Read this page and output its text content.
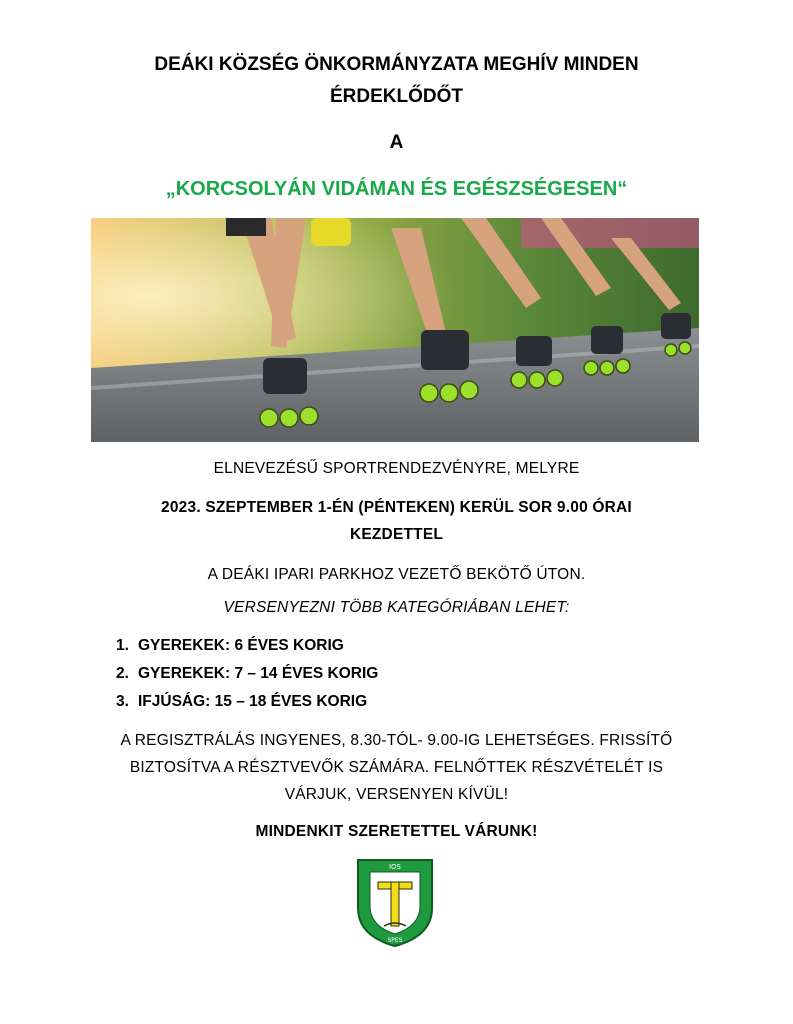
DEÁKI KÖZSÉG ÖNKORMÁNYZATA MEGHÍV MINDEN
ÉRDEKLŐDŐT
A
„KORCSOLYÁN VIDÁMAN ÉS EGÉSZSÉGESEN“
ELNEVEZÉSŰ SPORTRENDEZVÉNYRE, MELYRE
2023. SZEPTEMBER 1-ÉN (PÉNTEKEN) KERÜL SOR 9.00 ÓRAI
KEZDETTEL
A DEÁKI IPARI PARKHOZ VEZETŐ BEKÖTŐ ÚTON.
VERSENYEZNI TÖBB KATEGÓRIÁBAN LEHET:
1. GYEREKEK: 6 ÉVES KORIG
2. GYEREKEK: 7 – 14 ÉVES KORIG
3. IFJÚSÁG: 15 – 18 ÉVES KORIG
A REGISZTRÁLÁS INGYENES, 8.30-TÓL- 9.00-IG LEHETSÉGES. FRISSÍTŐ
BIZTOSÍTVA A RÉSZTVEVŐK SZÁMÁRA. FELNŐTTEK RÉSZVÉTELÉT IS
VÁRJUK, VERSENYEN KÍVÜL!
MINDENKIT SZERETETTEL VÁRUNK!
IOS
SPES
